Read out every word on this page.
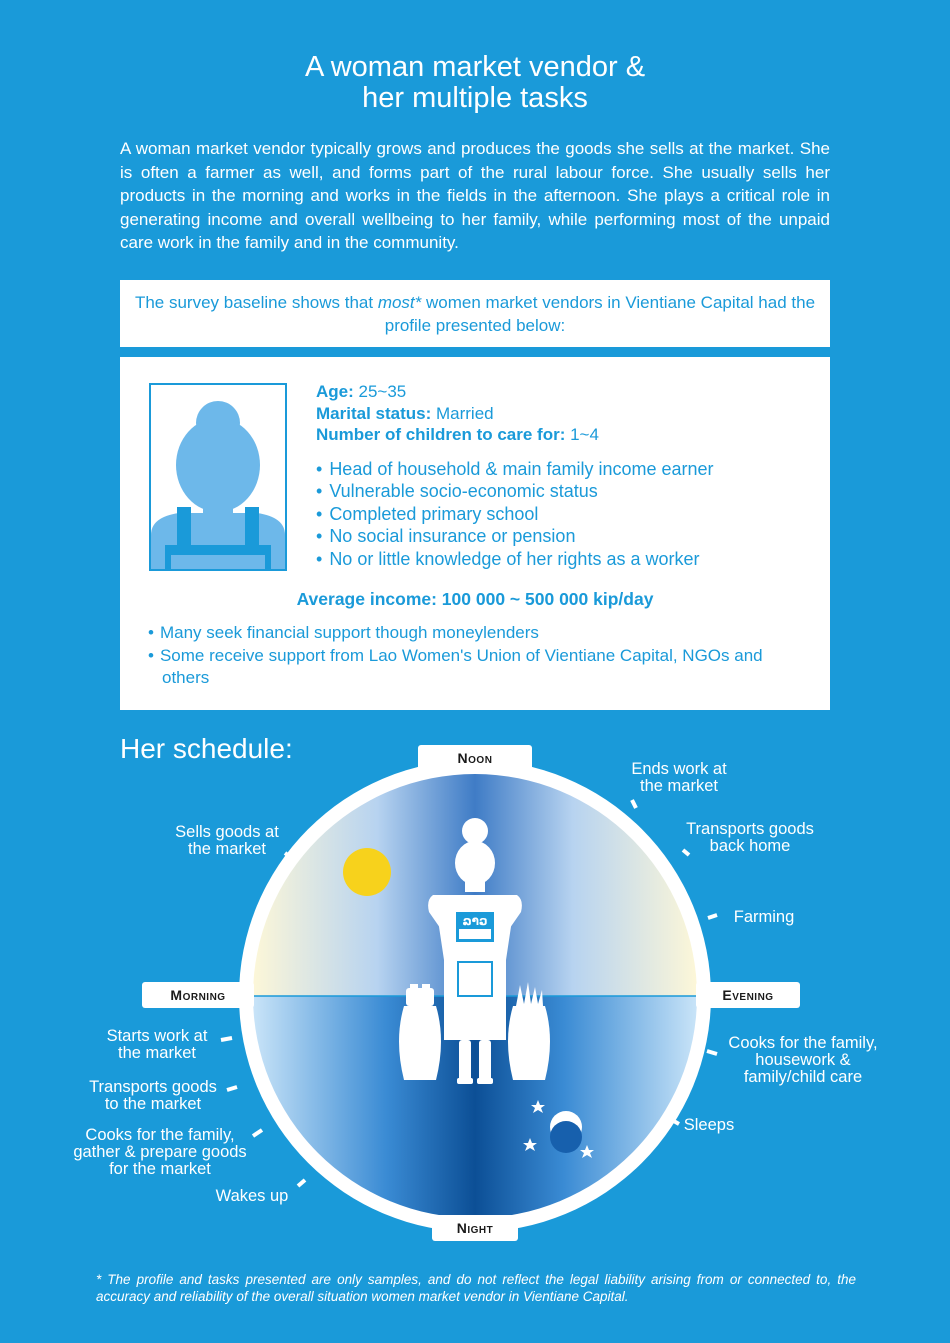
A woman market vendor &
her multiple tasks

A woman market vendor typically grows and produces the goods she sells at the market. She is often a farmer as well, and forms part of the rural labour force. She usually sells her products in the morning and works in the fields in the afternoon. She plays a critical role in generating income and overall wellbeing to her family, while performing most of the unpaid care work in the family and in the community.

The survey baseline shows that most* women market vendors in Vientiane Capital had the profile presented below:
Age: 25~35
Marital status: Married
Number of children to care for: 1~4
• Head of household & main family income earner
• Vulnerable socio-economic status
• Completed primary school
• No social insurance or pension
• No or little knowledge of her rights as a worker
Average income: 100 000 ~ 500 000 kip/day
• Many seek financial support though moneylenders
• Some receive support from Lao Women's Union of Vientiane Capital, NGOs and others
Her schedule:
ລາວ
Noon
Morning	Evening
Night
Sells goods at
the market
Ends work at
the market
Transports goods
back home
Farming
Starts work at
the market
Transports goods
to the market
Cooks for the family,
gather & prepare goods
for the market
Wakes up
Cooks for the family,
housework &
family/child care
Sleeps

* The profile and tasks presented are only samples, and do not reflect the legal liability arising from or connected to, the accuracy and reliability of the overall situation women market vendor in Vientiane Capital.
